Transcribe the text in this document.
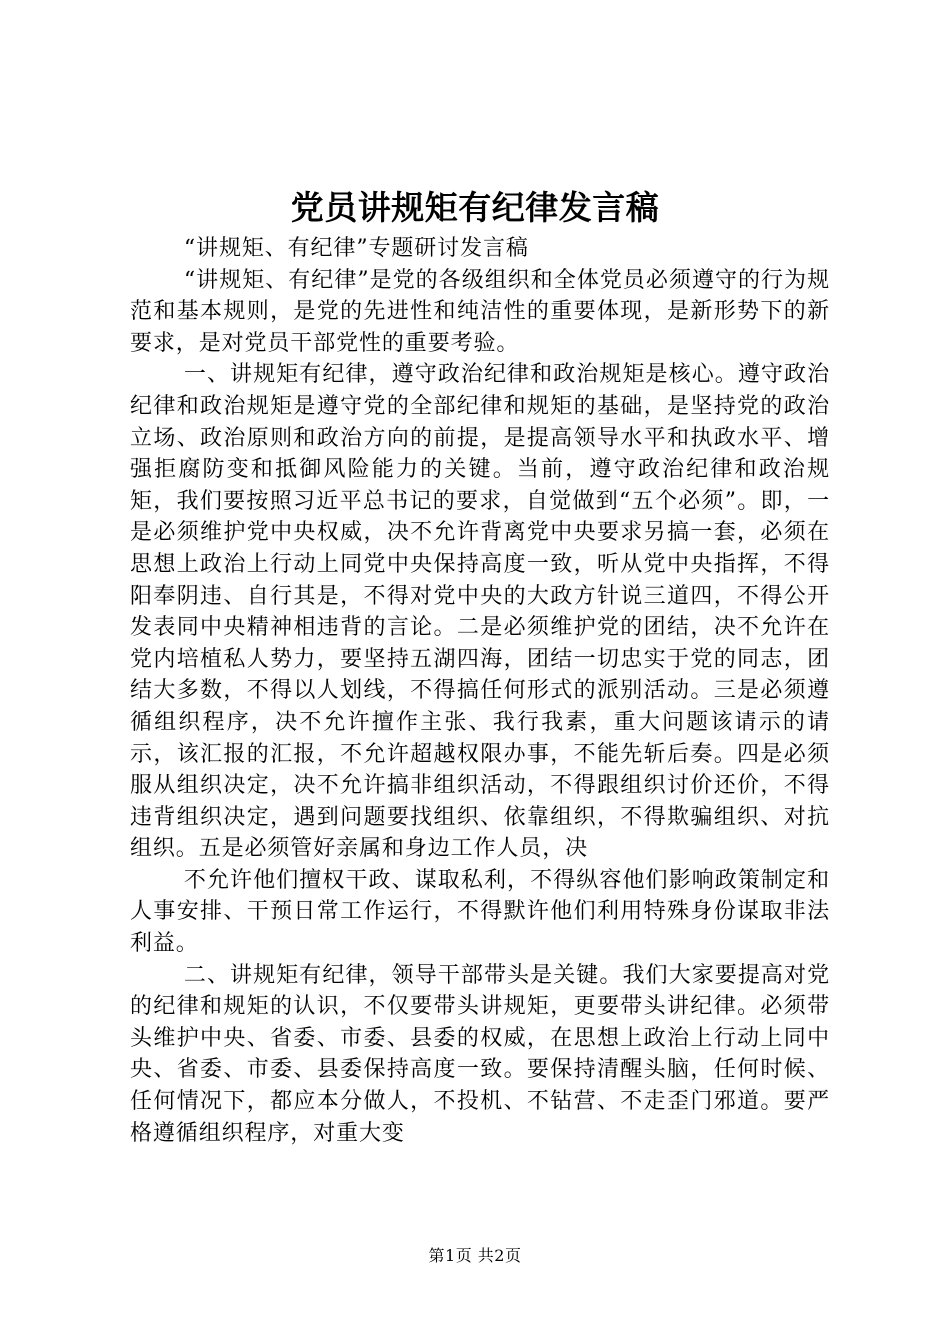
党员讲规矩有纪律发言稿

“讲规矩、有纪律”专题研讨发言稿

“讲规矩、有纪律”是党的各级组织和全体党员必须遵守的行为规范和基本规则，是党的先进性和纯洁性的重要体现，是新形势下的新要求，是对党员干部党性的重要考验。

一、讲规矩有纪律，遵守政治纪律和政治规矩是核心。遵守政治纪律和政治规矩是遵守党的全部纪律和规矩的基础，是坚持党的政治立场、政治原则和政治方向的前提，是提高领导水平和执政水平、增强拒腐防变和抵御风险能力的关键。当前，遵守政治纪律和政治规矩，我们要按照习近平总书记的要求，自觉做到“五个必须”。即，一是必须维护党中央权威，决不允许背离党中央要求另搞一套，必须在思想上政治上行动上同党中央保持高度一致，听从党中央指挥，不得阳奉阴违、自行其是，不得对党中央的大政方针说三道四，不得公开发表同中央精神相违背的言论。二是必须维护党的团结，决不允许在党内培植私人势力，要坚持五湖四海，团结一切忠实于党的同志，团结大多数，不得以人划线，不得搞任何形式的派别活动。三是必须遵循组织程序，决不允许擅作主张、我行我素，重大问题该请示的请示，该汇报的汇报，不允许超越权限办事，不能先斩后奏。四是必须服从组织决定，决不允许搞非组织活动，不得跟组织讨价还价，不得违背组织决定，遇到问题要找组织、依靠组织，不得欺骗组织、对抗组织。五是必须管好亲属和身边工作人员，决

不允许他们擅权干政、谋取私利，不得纵容他们影响政策制定和人事安排、干预日常工作运行，不得默许他们利用特殊身份谋取非法利益。

二、讲规矩有纪律，领导干部带头是关键。我们大家要提高对党的纪律和规矩的认识，不仅要带头讲规矩，更要带头讲纪律。必须带头维护中央、省委、市委、县委的权威，在思想上政治上行动上同中央、省委、市委、县委保持高度一致。要保持清醒头脑，任何时候、任何情况下，都应本分做人，不投机、不钻营、不走歪门邪道。要严格遵循组织程序，对重大变

第1页 共2页
